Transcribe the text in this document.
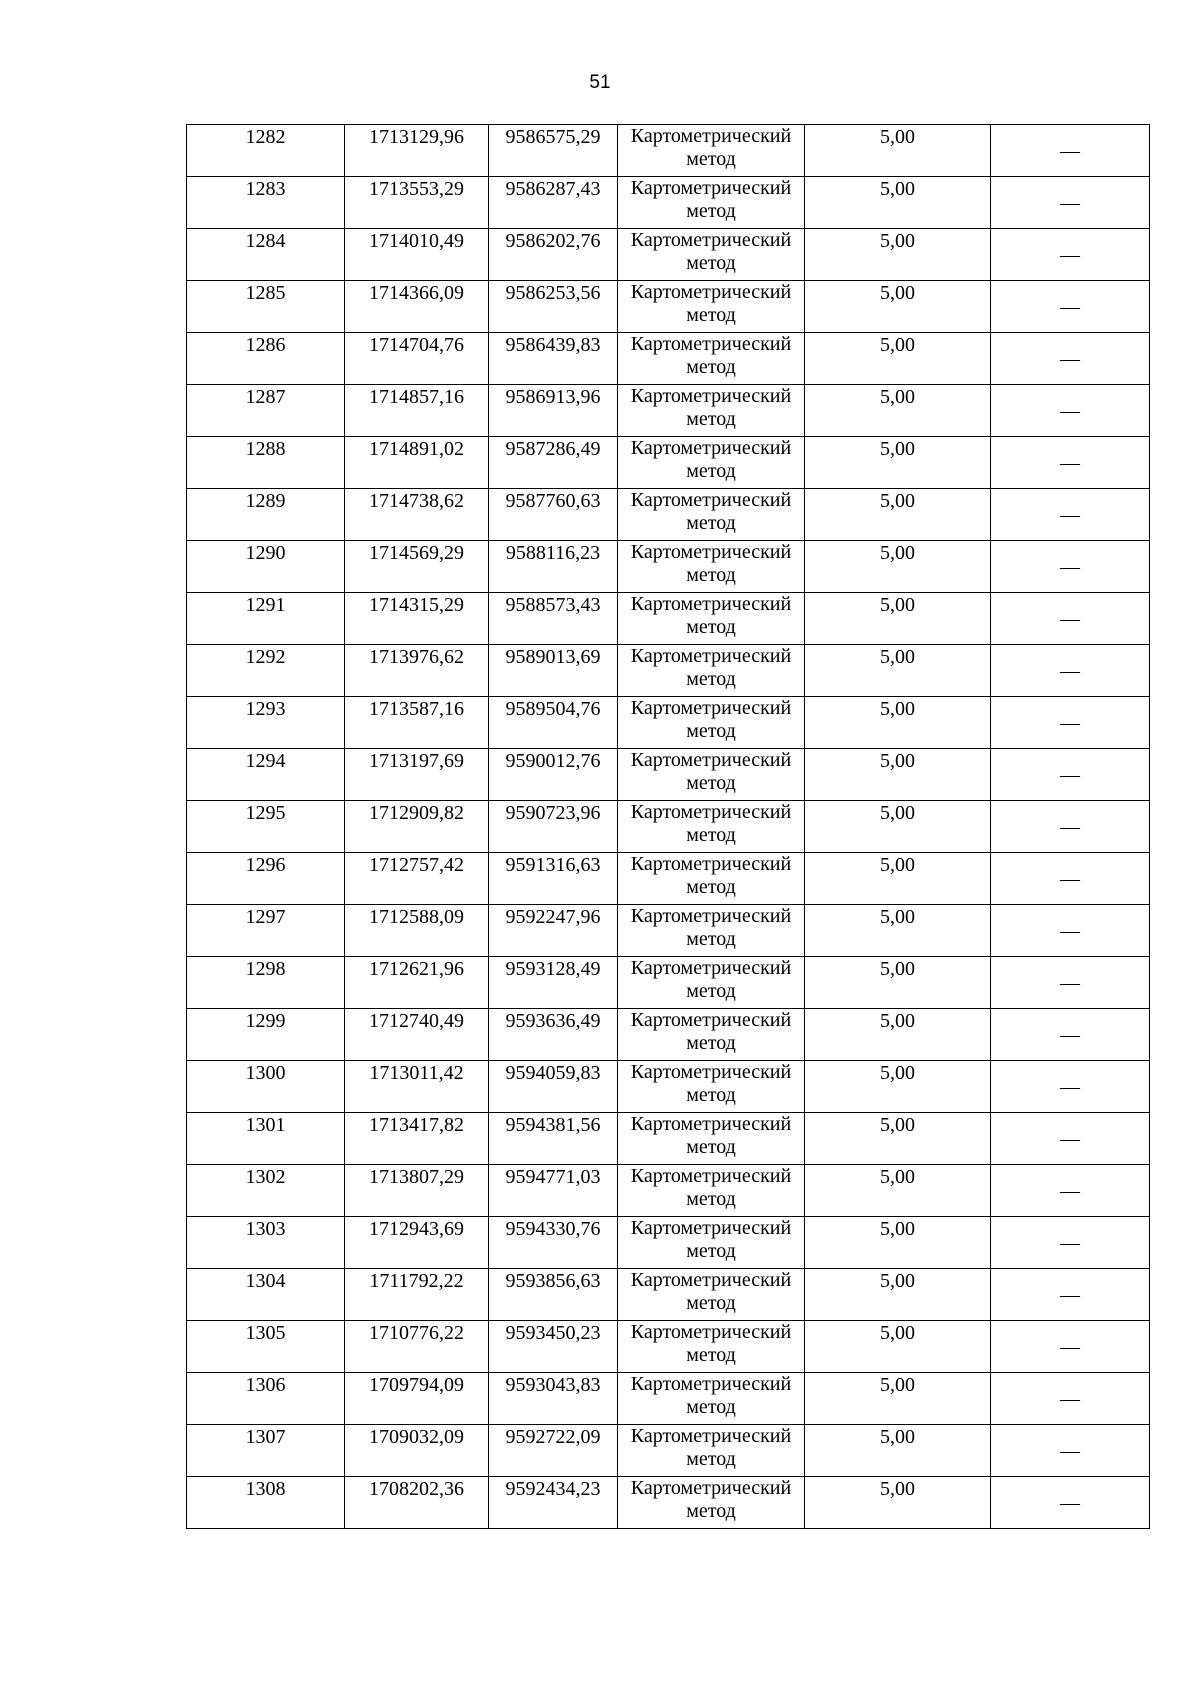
51
1282	1713129,96	9586575,29	Картометрический метод	5,00	—
1283	1713553,29	9586287,43	Картометрический метод	5,00	—
1284	1714010,49	9586202,76	Картометрический метод	5,00	—
1285	1714366,09	9586253,56	Картометрический метод	5,00	—
1286	1714704,76	9586439,83	Картометрический метод	5,00	—
1287	1714857,16	9586913,96	Картометрический метод	5,00	—
1288	1714891,02	9587286,49	Картометрический метод	5,00	—
1289	1714738,62	9587760,63	Картометрический метод	5,00	—
1290	1714569,29	9588116,23	Картометрический метод	5,00	—
1291	1714315,29	9588573,43	Картометрический метод	5,00	—
1292	1713976,62	9589013,69	Картометрический метод	5,00	—
1293	1713587,16	9589504,76	Картометрический метод	5,00	—
1294	1713197,69	9590012,76	Картометрический метод	5,00	—
1295	1712909,82	9590723,96	Картометрический метод	5,00	—
1296	1712757,42	9591316,63	Картометрический метод	5,00	—
1297	1712588,09	9592247,96	Картометрический метод	5,00	—
1298	1712621,96	9593128,49	Картометрический метод	5,00	—
1299	1712740,49	9593636,49	Картометрический метод	5,00	—
1300	1713011,42	9594059,83	Картометрический метод	5,00	—
1301	1713417,82	9594381,56	Картометрический метод	5,00	—
1302	1713807,29	9594771,03	Картометрический метод	5,00	—
1303	1712943,69	9594330,76	Картометрический метод	5,00	—
1304	1711792,22	9593856,63	Картометрический метод	5,00	—
1305	1710776,22	9593450,23	Картометрический метод	5,00	—
1306	1709794,09	9593043,83	Картометрический метод	5,00	—
1307	1709032,09	9592722,09	Картометрический метод	5,00	—
1308	1708202,36	9592434,23	Картометрический метод	5,00	—
